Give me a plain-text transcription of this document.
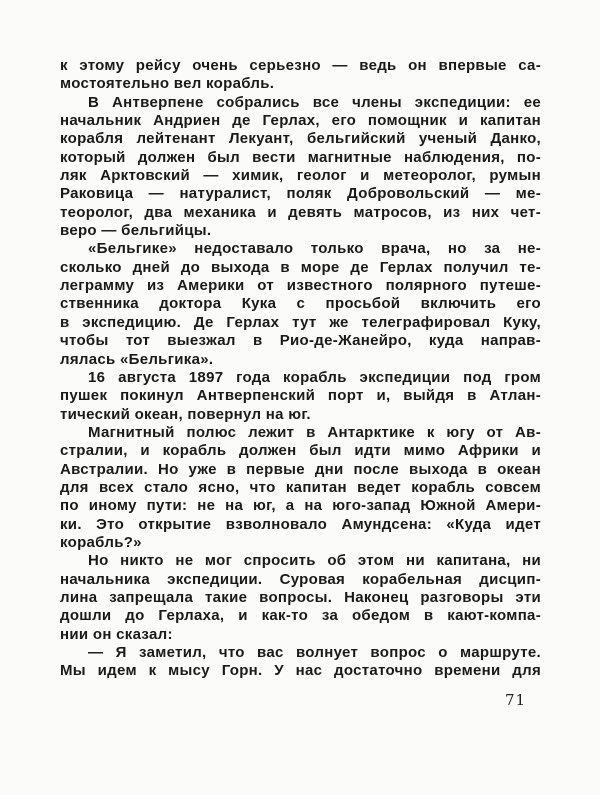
к этому рейсу очень серьезно — ведь он впервые са-
мостоятельно вел корабль.
В Антверпене собрались все члены экспедиции: ее
начальник Андриен де Герлах, его помощник и капитан
корабля лейтенант Лекуант, бельгийский ученый Данко,
который должен был вести магнитные наблюдения, по-
ляк Арктовский — химик, геолог и метеоролог, румын
Раковица — натуралист, поляк Добровольский — ме-
теоролог, два механика и девять матросов, из них чет-
веро — бельгийцы.
«Бельгике» недоставало только врача, но за не-
сколько дней до выхода в море де Герлах получил те-
леграмму из Америки от известного полярного путеше-
ственника доктора Кука с просьбой включить его
в экспедицию. Де Герлах тут же телеграфировал Куку,
чтобы тот выезжал в Рио-де-Жанейро, куда направ-
лялась «Бельгика».
16 августа 1897 года корабль экспедиции под гром
пушек покинул Антверпенский порт и, выйдя в Атлан-
тический океан, повернул на юг.
Магнитный полюс лежит в Антарктике к югу от Ав-
стралии, и корабль должен был идти мимо Африки и
Австралии. Но уже в первые дни после выхода в океан
для всех стало ясно, что капитан ведет корабль совсем
по иному пути: не на юг, а на юго-запад Южной Амери-
ки. Это открытие взволновало Амундсена: «Куда идет
корабль?»
Но никто не мог спросить об этом ни капитана, ни
начальника экспедиции. Суровая корабельная дисцип-
лина запрещала такие вопросы. Наконец разговоры эти
дошли до Герлаха, и как-то за обедом в кают-компа-
нии он сказал:
— Я заметил, что вас волнует вопрос о маршруте.
Мы идем к мысу Горн. У нас достаточно времени для
71
